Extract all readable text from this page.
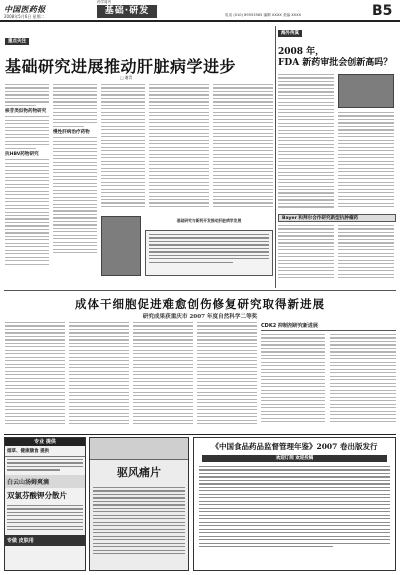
中国医药报
2008年5月6日 星期二
药学周刊
基础·研发	电话 (010) 89553565 编辑 XXXX 美编 XXXX	B5
重点关注
基础研究进展推动肝脏病学进步
□ 谢青
核苷类似物药物研究
抗HBV药物研究
慢性肝病治疗药物
基础研究与新药开发推动肝脏病学发展
海外传真
2008 年，
FDA 新药审批会创新高吗？
Bayer 和拜尔合作研究新型抗肿瘤药
成体干细胞促进难愈创伤修复研究取得新进展
研究成果获重庆市 2007 年度自然科学二等奖
CDK2 抑制剂研究新进展
专业 提供
烟草、健康膳食 提供
白云山汤姆爽滴
双氯芬酸钾分散片
专做 皮肤用
驱风痛片
《中国食品药品监督管理年鉴》2007 卷出版发行
欢迎订阅 欢迎投稿
